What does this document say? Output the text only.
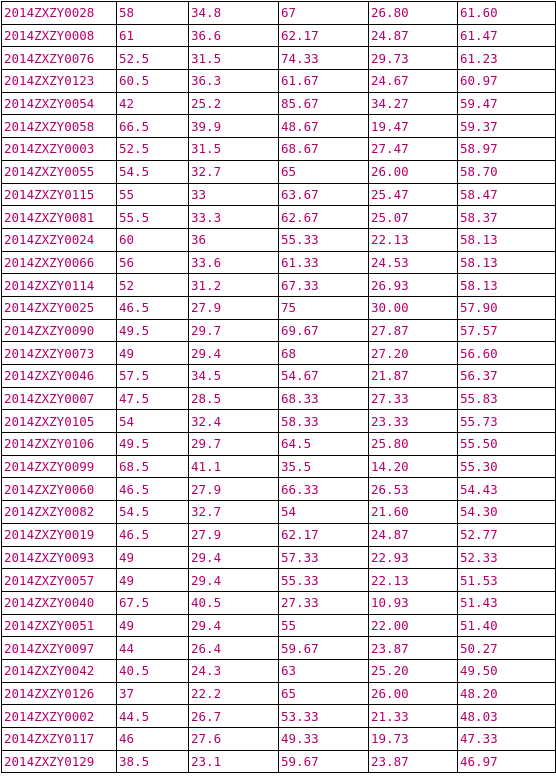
2014ZXZY0028	58	34.8	67	26.80	61.60
2014ZXZY0008	61	36.6	62.17	24.87	61.47
2014ZXZY0076	52.5	31.5	74.33	29.73	61.23
2014ZXZY0123	60.5	36.3	61.67	24.67	60.97
2014ZXZY0054	42	25.2	85.67	34.27	59.47
2014ZXZY0058	66.5	39.9	48.67	19.47	59.37
2014ZXZY0003	52.5	31.5	68.67	27.47	58.97
2014ZXZY0055	54.5	32.7	65	26.00	58.70
2014ZXZY0115	55	33	63.67	25.47	58.47
2014ZXZY0081	55.5	33.3	62.67	25.07	58.37
2014ZXZY0024	60	36	55.33	22.13	58.13
2014ZXZY0066	56	33.6	61.33	24.53	58.13
2014ZXZY0114	52	31.2	67.33	26.93	58.13
2014ZXZY0025	46.5	27.9	75	30.00	57.90
2014ZXZY0090	49.5	29.7	69.67	27.87	57.57
2014ZXZY0073	49	29.4	68	27.20	56.60
2014ZXZY0046	57.5	34.5	54.67	21.87	56.37
2014ZXZY0007	47.5	28.5	68.33	27.33	55.83
2014ZXZY0105	54	32.4	58.33	23.33	55.73
2014ZXZY0106	49.5	29.7	64.5	25.80	55.50
2014ZXZY0099	68.5	41.1	35.5	14.20	55.30
2014ZXZY0060	46.5	27.9	66.33	26.53	54.43
2014ZXZY0082	54.5	32.7	54	21.60	54.30
2014ZXZY0019	46.5	27.9	62.17	24.87	52.77
2014ZXZY0093	49	29.4	57.33	22.93	52.33
2014ZXZY0057	49	29.4	55.33	22.13	51.53
2014ZXZY0040	67.5	40.5	27.33	10.93	51.43
2014ZXZY0051	49	29.4	55	22.00	51.40
2014ZXZY0097	44	26.4	59.67	23.87	50.27
2014ZXZY0042	40.5	24.3	63	25.20	49.50
2014ZXZY0126	37	22.2	65	26.00	48.20
2014ZXZY0002	44.5	26.7	53.33	21.33	48.03
2014ZXZY0117	46	27.6	49.33	19.73	47.33
2014ZXZY0129	38.5	23.1	59.67	23.87	46.97
